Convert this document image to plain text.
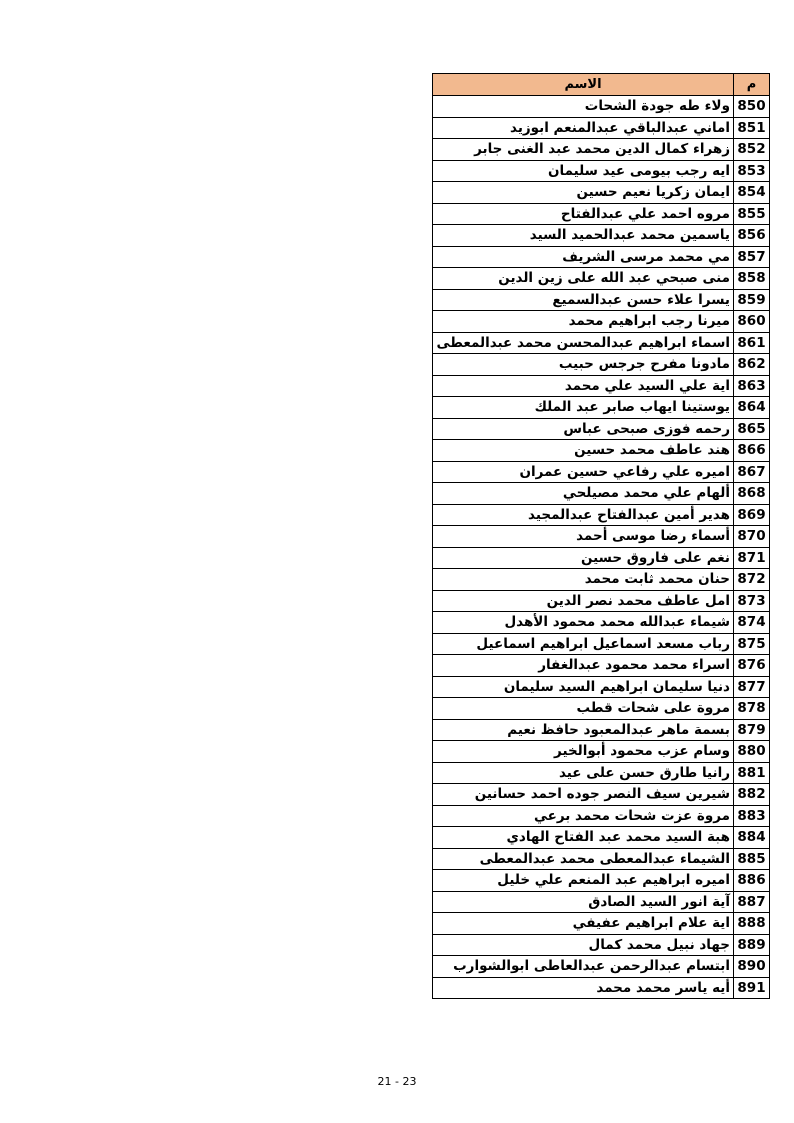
م	الاسم
850	ولاء طه جودة الشحات
851	اماني عبدالباقي عبدالمنعم ابوزيد
852	زهراء كمال الدين محمد عبد الغنى جابر
853	ايه رجب بيومى عيد سليمان
854	ايمان زكريا نعيم حسين
855	مروه احمد علي عبدالفتاح
856	ياسمين محمد عبدالحميد السيد
857	مي محمد مرسى الشريف
858	منى صبحي عبد الله على زين الدين
859	يسرا علاء حسن عبدالسميع
860	ميرنا رجب ابراهيم محمد
861	اسماء ابراهيم عبدالمحسن محمد عبدالمعطى
862	مادونا مفرح جرجس حبيب
863	اية علي السيد علي محمد
864	يوستينا ايهاب صابر عبد الملك
865	رحمه فوزى صبحى عباس
866	هند عاطف محمد حسين
867	اميره علي رفاعي حسين عمران
868	ألهام علي محمد مصيلحي
869	هدير أمين عبدالفتاح عبدالمجيد
870	أسماء رضا موسى أحمد
871	نغم على فاروق حسين
872	حنان محمد ثابت محمد
873	امل عاطف محمد نصر الدين
874	شيماء عبدالله محمد محمود الأهدل
875	رباب مسعد اسماعيل ابراهيم اسماعيل
876	اسراء محمد محمود عبدالغفار
877	دنيا سليمان ابراهيم السيد سليمان
878	مروة على شحات قطب
879	بسمة ماهر عبدالمعبود حافظ نعيم
880	وسام عزب محمود أبوالخير
881	رانيا طارق حسن على عيد
882	شيرين سيف النصر جوده احمد حسانين
883	مروة عزت شحات محمد برعي
884	هبة السيد محمد عبد الفتاح الهادي
885	الشيماء عبدالمعطى محمد عبدالمعطى
886	اميره ابراهيم عبد المنعم علي خليل
887	آية انور السيد الصادق
888	اية علام ابراهيم عفيفي
889	جهاد نبيل محمد كمال
890	ابتسام عبدالرحمن عبدالعاطى ابوالشوارب
891	أيه ياسر محمد محمد
21 - 23
